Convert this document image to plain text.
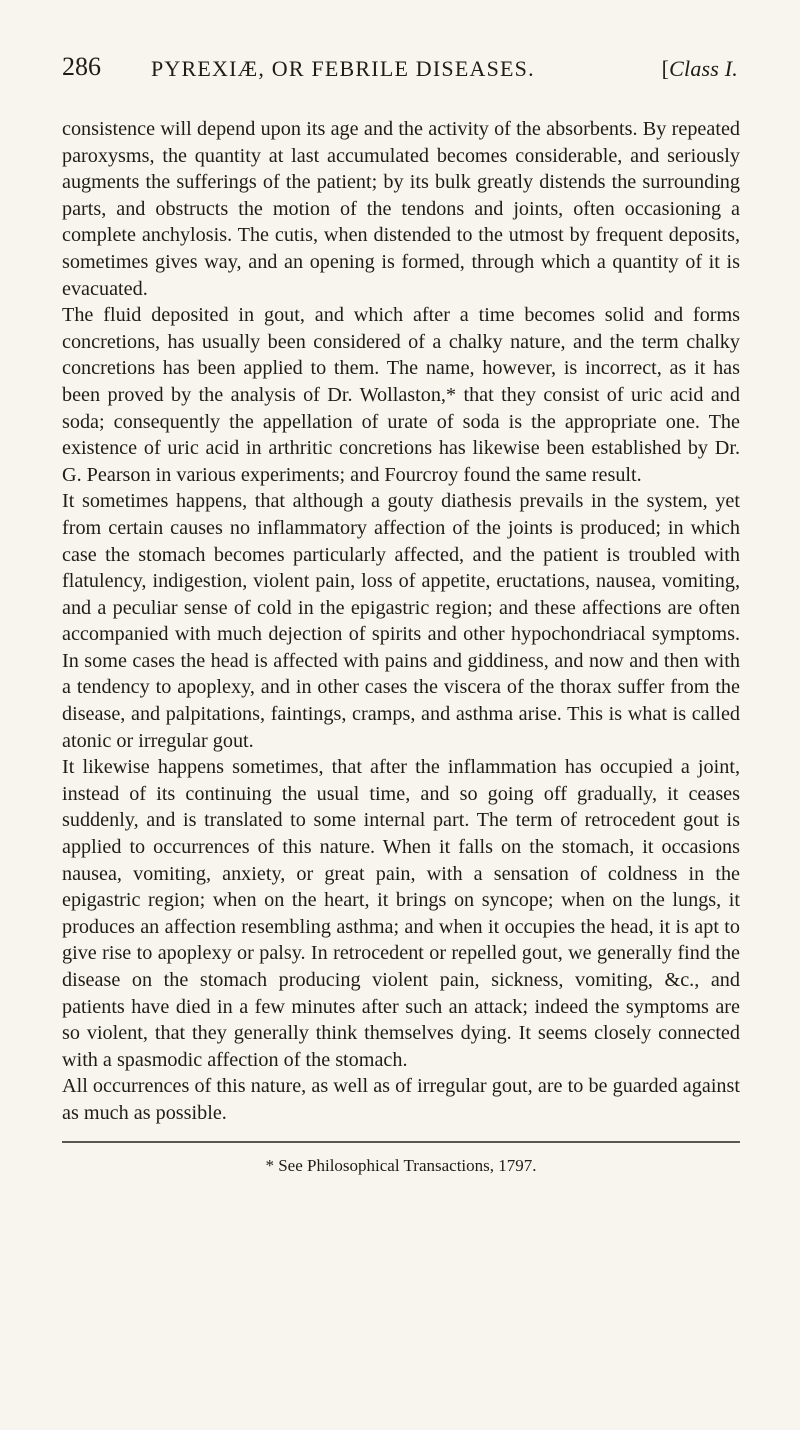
286 PYREXIÆ, OR FEBRILE DISEASES.	[Class I.

consistence will depend upon its age and the activity of the absorbents. By repeated paroxysms, the quantity at last accumulated becomes considerable, and seriously augments the sufferings of the patient; by its bulk greatly distends the surrounding parts, and obstructs the motion of the tendons and joints, often occasioning a complete anchylosis. The cutis, when distended to the utmost by frequent deposits, sometimes gives way, and an opening is formed, through which a quantity of it is evacuated.

The fluid deposited in gout, and which after a time becomes solid and forms concretions, has usually been considered of a chalky nature, and the term chalky concretions has been applied to them. The name, however, is incorrect, as it has been proved by the analysis of Dr. Wollaston,* that they consist of uric acid and soda; consequently the appellation of urate of soda is the appropriate one. The existence of uric acid in arthritic concretions has likewise been established by Dr. G. Pearson in various experiments; and Fourcroy found the same result.

It sometimes happens, that although a gouty diathesis prevails in the system, yet from certain causes no inflammatory affection of the joints is produced; in which case the stomach becomes particularly affected, and the patient is troubled with flatulency, indigestion, violent pain, loss of appetite, eructations, nausea, vomiting, and a peculiar sense of cold in the epigastric region; and these affections are often accompanied with much dejection of spirits and other hypochondriacal symptoms. In some cases the head is affected with pains and giddiness, and now and then with a tendency to apoplexy, and in other cases the viscera of the thorax suffer from the disease, and palpitations, faintings, cramps, and asthma arise. This is what is called atonic or irregular gout.

It likewise happens sometimes, that after the inflammation has occupied a joint, instead of its continuing the usual time, and so going off gradually, it ceases suddenly, and is translated to some internal part. The term of retrocedent gout is applied to occurrences of this nature. When it falls on the stomach, it occasions nausea, vomiting, anxiety, or great pain, with a sensation of coldness in the epigastric region; when on the heart, it brings on syncope; when on the lungs, it produces an affection resembling asthma; and when it occupies the head, it is apt to give rise to apoplexy or palsy. In retrocedent or repelled gout, we generally find the disease on the stomach producing violent pain, sickness, vomiting, &c., and patients have died in a few minutes after such an attack; indeed the symptoms are so violent, that they generally think themselves dying. It seems closely connected with a spasmodic affection of the stomach.

All occurrences of this nature, as well as of irregular gout, are to be guarded against as much as possible.

* See Philosophical Transactions, 1797.
